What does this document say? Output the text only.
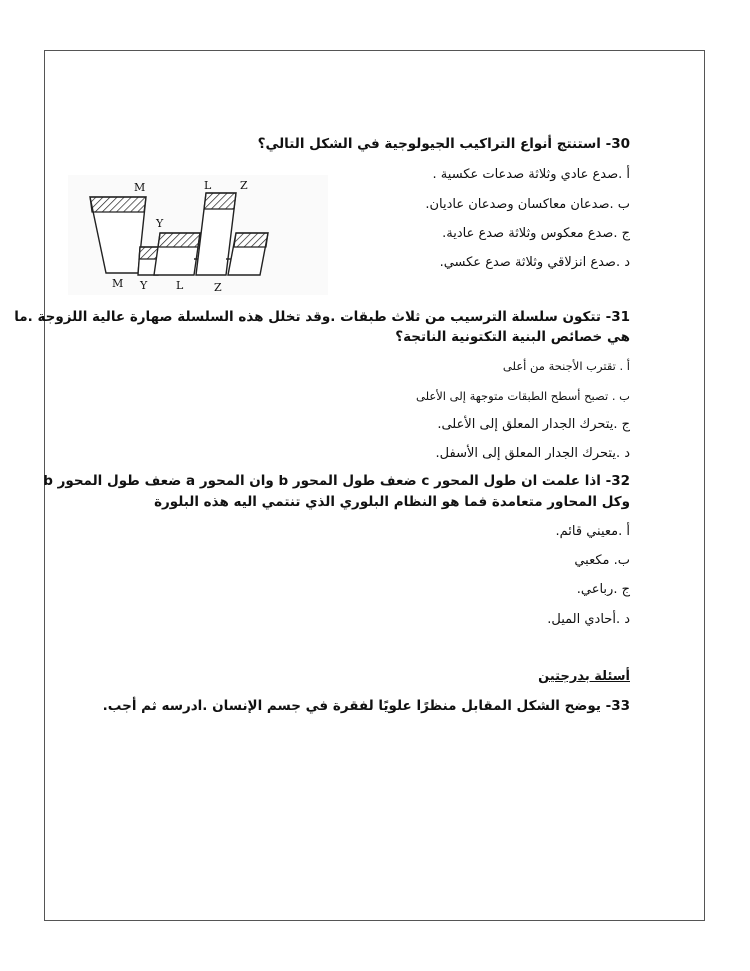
30- استنتج أنواع التراكيب الجيولوجية في الشكل التالي؟
أ .صدع عادي وثلاثة صدعات عكسية .
ب .صدعان معاكسان وصدعان عاديان.
ج .صدع معكوس وثلاثة صدع عادية.
د .صدع انزلاقي وثلاثة صدع عكسي.
M	L	Z
Y
M Y	L	Z
31- تتكون سلسلة الترسيب من ثلاث طبقات .وقد تخلل هذه السلسلة صهارة عالية اللزوجة .ما
هي خصائص البنية التكتونية الناتجة؟
أ . تقترب الأجنحة من أعلى
ب . تصبح أسطح الطبقات متوجهة إلى الأعلى
ج .يتحرك الجدار المعلق إلى الأعلى.
د .يتحرك الجدار المعلق إلى الأسفل.
32- اذا علمت ان طول المحور c ضعف طول المحور b وان المحور a ضعف طول المحور b
وكل المحاور متعامدة فما هو النظام البلوري الذي تنتمي اليه هذه البلورة
أ .معيني قائم.
ب. مكعبي
ج .رباعي.
د .أحادي الميل.
أسئلة بدرجتين
33- يوضح الشكل المقابل منظرًا علويًا لفقرة في جسم الإنسان .ادرسه ثم أجب.
